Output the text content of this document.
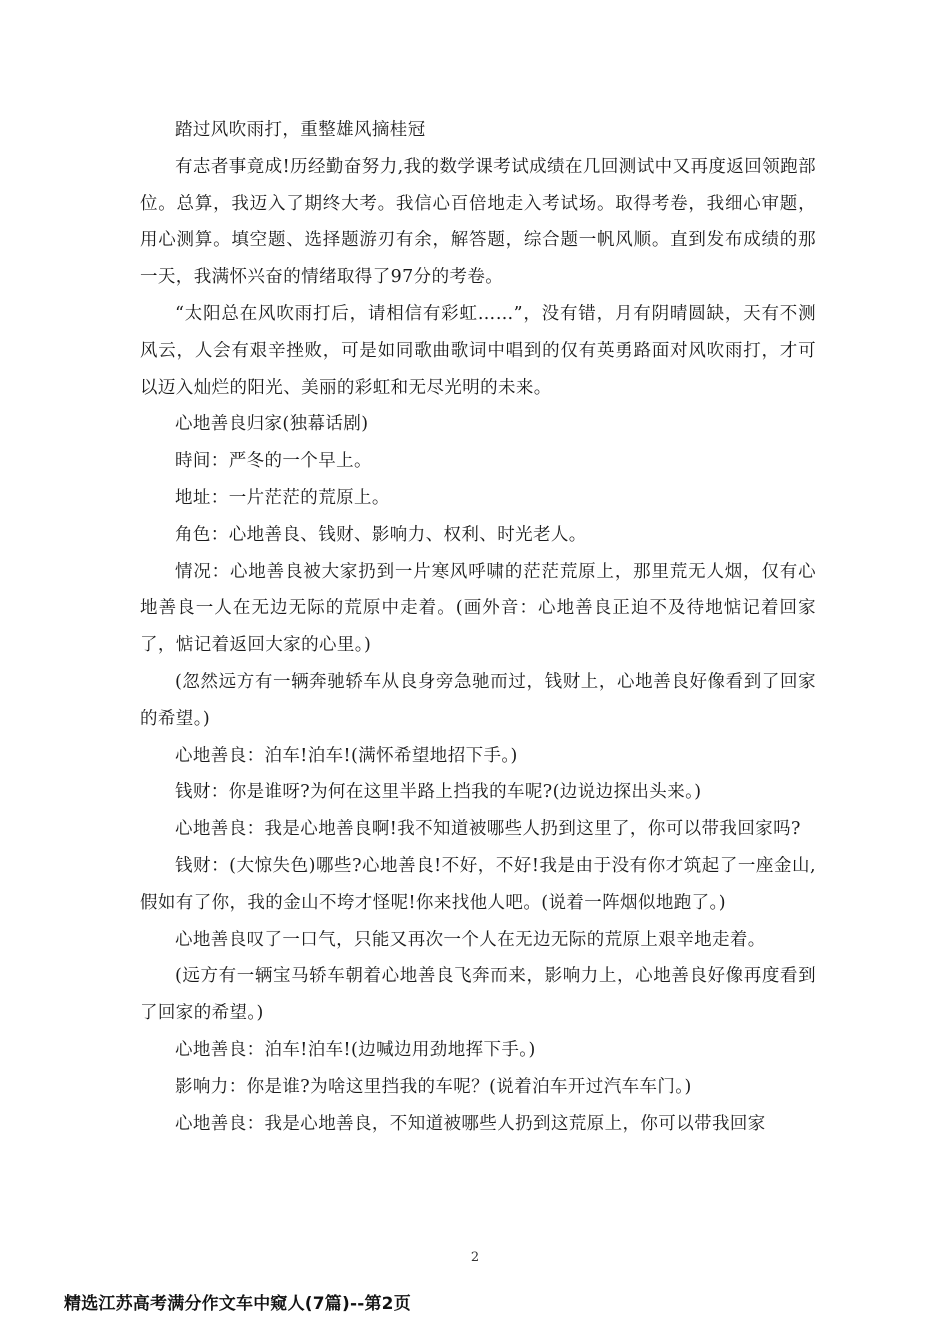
踏过风吹雨打，重整雄风摘桂冠

有志者事竟成!历经勤奋努力,我的数学课考试成绩在几回测试中又再度返回领跑部位。总算，我迈入了期终大考。我信心百倍地走入考试场。取得考卷，我细心审题，用心测算。填空题、选择题游刃有余，解答题，综合题一帆风顺。直到发布成绩的那一天，我满怀兴奋的情绪取得了97分的考卷。

“太阳总在风吹雨打后，请相信有彩虹……”，没有错，月有阴晴圆缺，天有不测风云，人会有艰辛挫败，可是如同歌曲歌词中唱到的仅有英勇路面对风吹雨打，才可以迈入灿烂的阳光、美丽的彩虹和无尽光明的未来。

心地善良归家(独幕话剧)

時间：严冬的一个早上。

地址：一片茫茫的荒原上。

角色：心地善良、钱财、影响力、权利、时光老人。

情况：心地善良被大家扔到一片寒风呼啸的茫茫荒原上，那里荒无人烟，仅有心地善良一人在无边无际的荒原中走着。(画外音：心地善良正迫不及待地惦记着回家了，惦记着返回大家的心里。)

(忽然远方有一辆奔驰轿车从良身旁急驰而过，钱财上，心地善良好像看到了回家的希望。)

心地善良：泊车!泊车!(满怀希望地招下手。)

钱财：你是谁呀?为何在这里半路上挡我的车呢?(边说边探出头来。)

心地善良：我是心地善良啊!我不知道被哪些人扔到这里了，你可以带我回家吗?

钱财：(大惊失色)哪些?心地善良!不好，不好!我是由于没有你才筑起了一座金山,假如有了你，我的金山不垮才怪呢!你来找他人吧。(说着一阵烟似地跑了。)

心地善良叹了一口气，只能又再次一个人在无边无际的荒原上艰辛地走着。

(远方有一辆宝马轿车朝着心地善良飞奔而来，影响力上，心地善良好像再度看到了回家的希望。)

心地善良：泊车!泊车!(边喊边用劲地挥下手。)

影响力：你是谁?为啥这里挡我的车呢？(说着泊车开过汽车车门。)

心地善良：我是心地善良，不知道被哪些人扔到这荒原上，你可以带我回家

2
精选江苏高考满分作文车中窥人(7篇)--第2页
